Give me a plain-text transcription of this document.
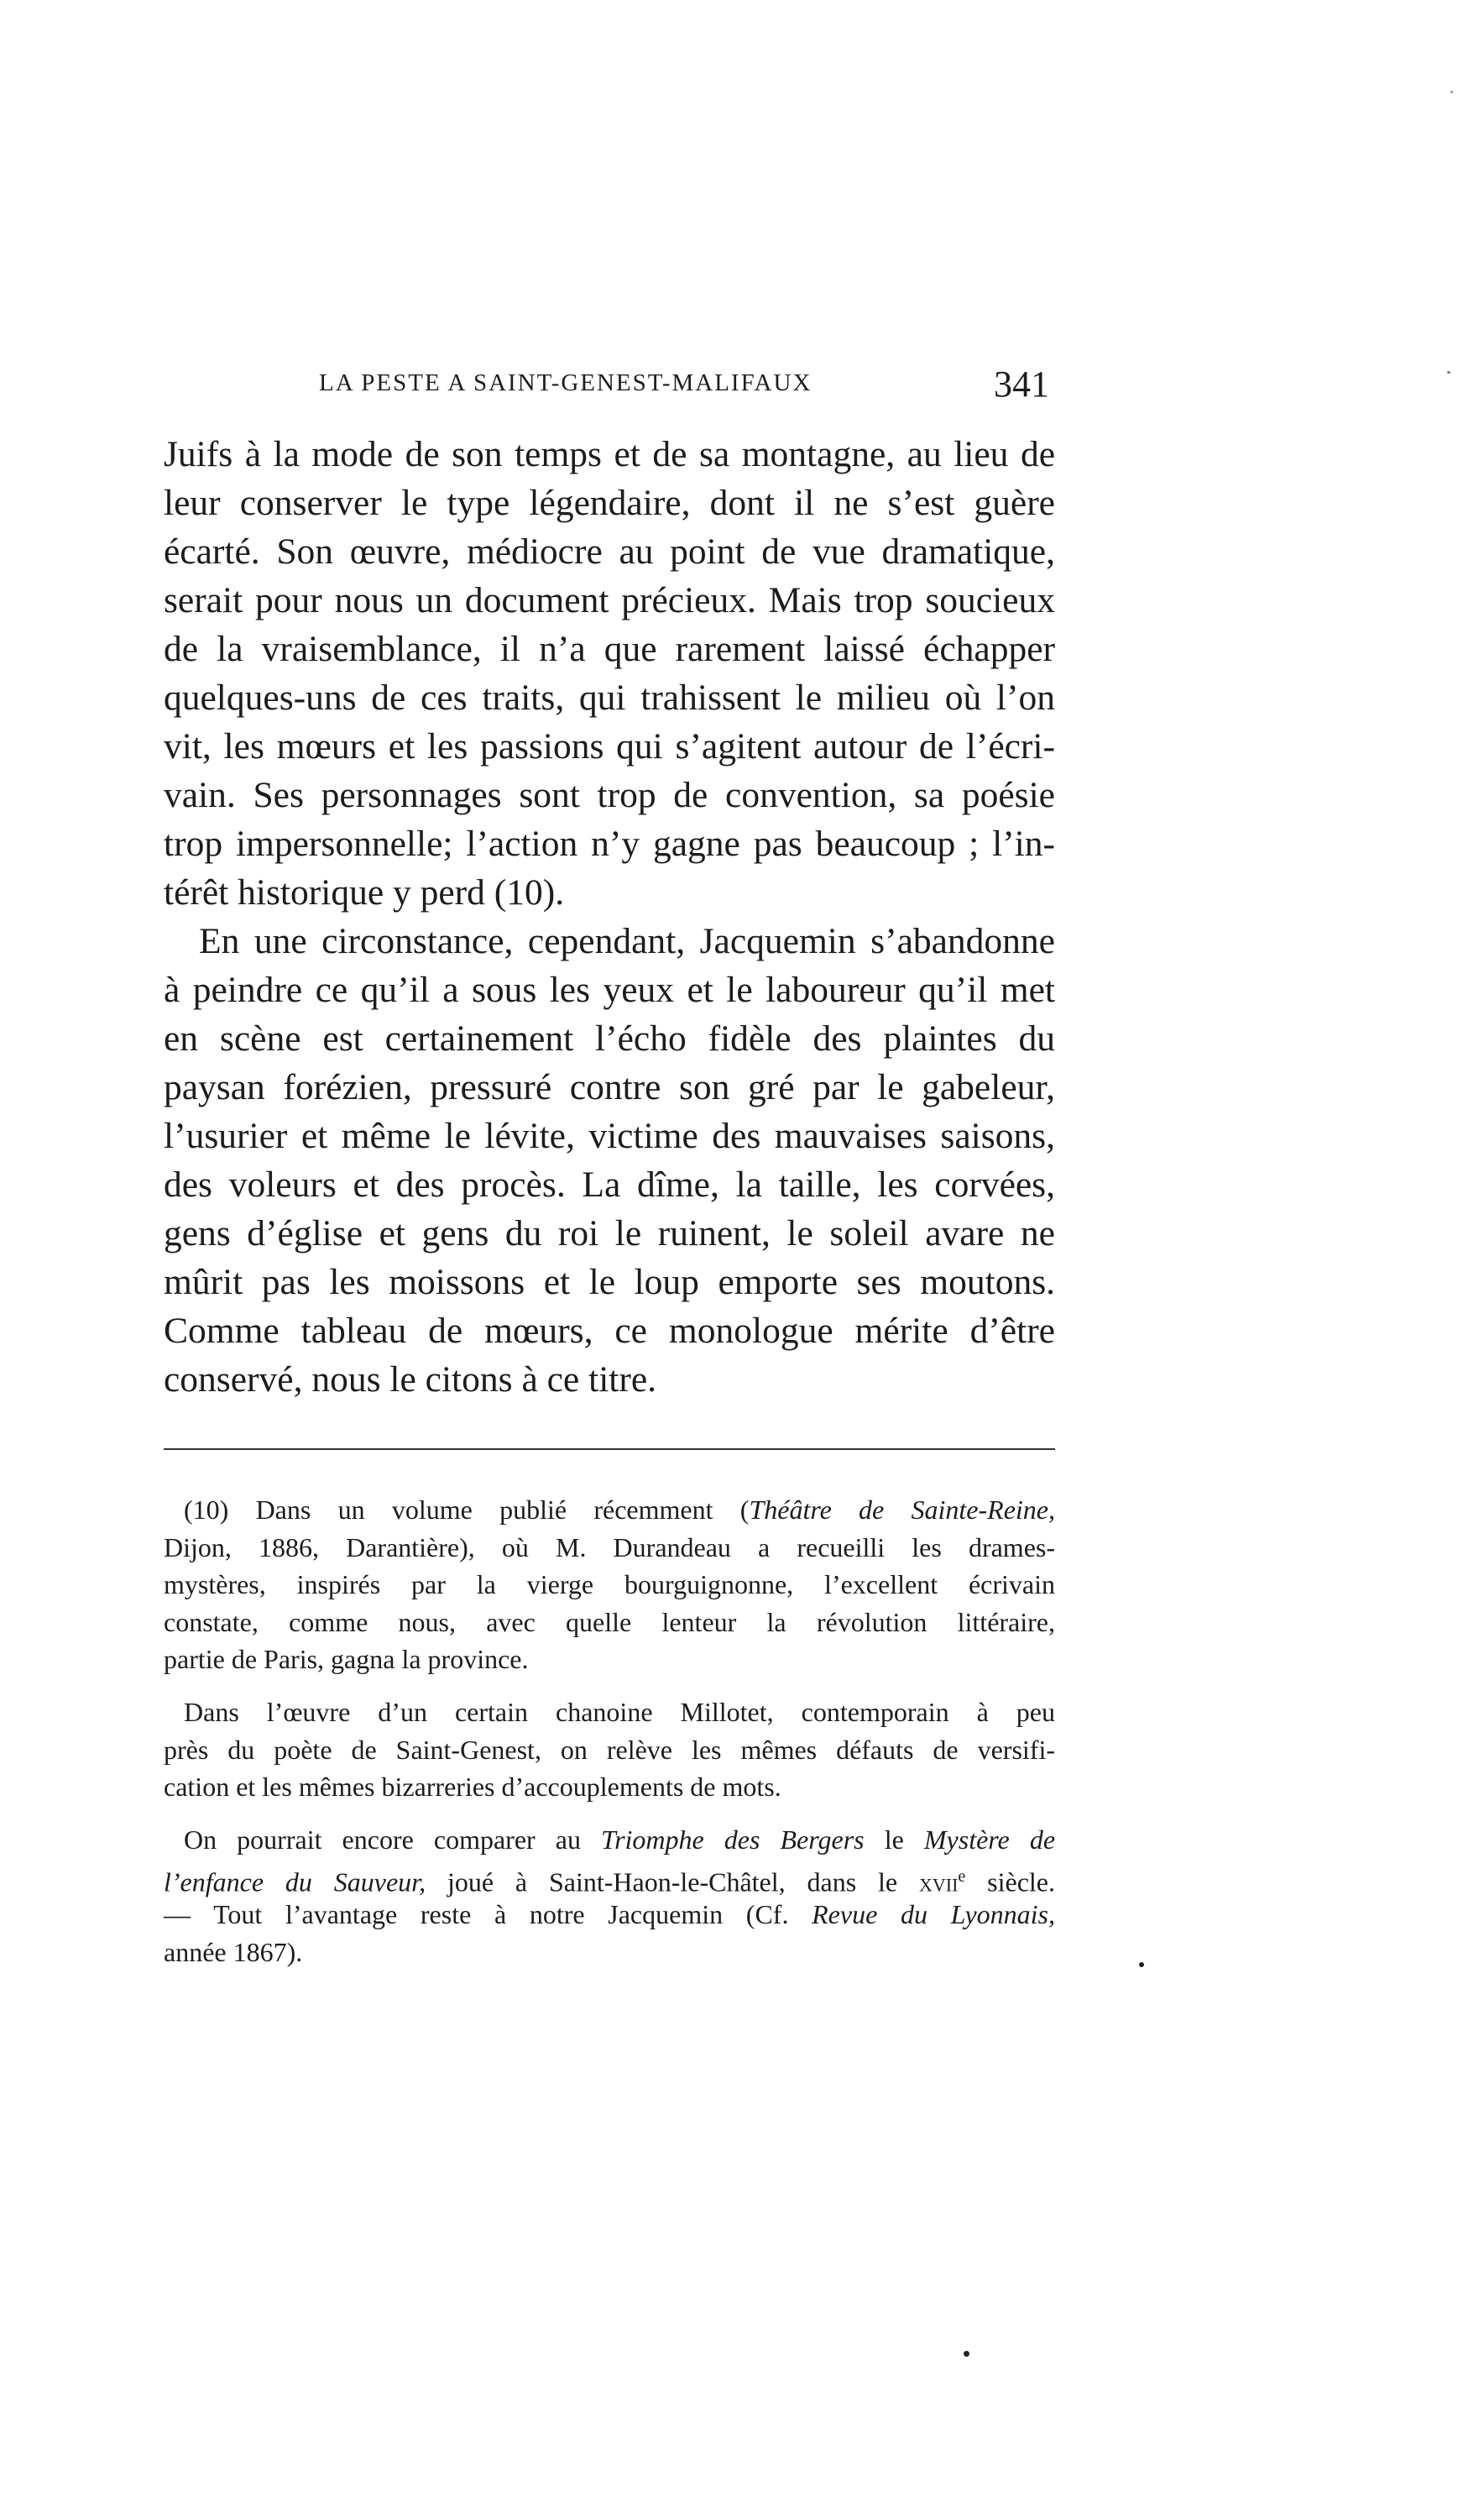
LA PESTE A SAINT-GENEST-MALIFAUX	341
Juifs à la mode de son temps et de sa montagne, au lieu de
leur conserver le type légendaire, dont il ne s’est guère
écarté. Son œuvre, médiocre au point de vue dramatique,
serait pour nous un document précieux. Mais trop soucieux
de la vraisemblance, il n’a que rarement laissé échapper
quelques-uns de ces traits, qui trahissent le milieu où l’on
vit, les mœurs et les passions qui s’agitent autour de l’écri-
vain. Ses personnages sont trop de convention, sa poésie
trop impersonnelle; l’action n’y gagne pas beaucoup ; l’in-
térêt historique y perd (10).
En une circonstance, cependant, Jacquemin s’abandonne
à peindre ce qu’il a sous les yeux et le laboureur qu’il met
en scène est certainement l’écho fidèle des plaintes du
paysan forézien, pressuré contre son gré par le gabeleur,
l’usurier et même le lévite, victime des mauvaises saisons,
des voleurs et des procès. La dîme, la taille, les corvées,
gens d’église et gens du roi le ruinent, le soleil avare ne
mûrit pas les moissons et le loup emporte ses moutons.
Comme tableau de mœurs, ce monologue mérite d’être
conservé, nous le citons à ce titre.
(10) Dans un volume publié récemment (Théâtre de Sainte-Reine,
Dijon, 1886, Darantière), où M. Durandeau a recueilli les drames-
mystères, inspirés par la vierge bourguignonne, l’excellent écrivain
constate, comme nous, avec quelle lenteur la révolution littéraire,
partie de Paris, gagna la province.
Dans l’œuvre d’un certain chanoine Millotet, contemporain à peu
près du poète de Saint-Genest, on relève les mêmes défauts de versifi-
cation et les mêmes bizarreries d’accouplements de mots.
On pourrait encore comparer au Triomphe des Bergers le Mystère de
l’enfance du Sauveur, joué à Saint-Haon-le-Châtel, dans le xvii$^e$ siècle.
— Tout l’avantage reste à notre Jacquemin (Cf. Revue du Lyonnais,
année 1867).
